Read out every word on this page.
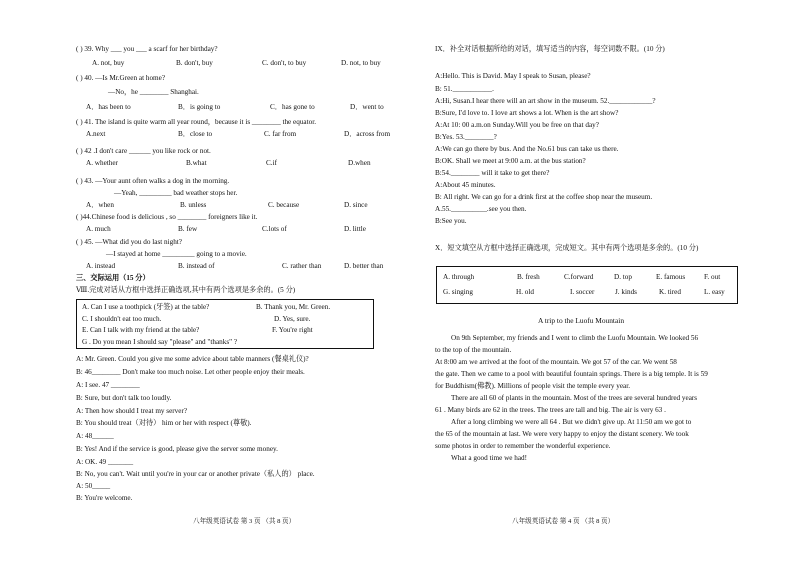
( ) 39. Why ___ you ___ a scarf for her birthday?
A. not, buy	B. don't, buy	C. don't, to buy	D. not, to buy
( ) 40. —Is Mr.Green at home?
—No，he ________ Shanghai.
A．has been to	B．is going to	C．has gone to	D．went to
( ) 41. The island is quite warm all year round，because it is ________ the equator.
A.next	B．close to	C. far from	D．across from
( ) 42 .I don't care ______ you like rock or not.
A. whether	B.what	C.if	D.when
( ) 43. —Your aunt often walks a dog in the morning.
—Yeah, _________ bad weather stops her.
A．when	B. unless	C. because	D. since
( )44.Chinese food is delicious , so ________ foreigners like it.
A. much	B. few	C.lots of	D. little
( ) 45. —What did you do last night?
—I stayed at home _________ going to a movie.
A. instead	B. instead of	C. rather than	D. better than
三、交际运用（15 分）
Ⅷ.完成对话从方框中选择正确选项,其中有两个选项是多余的。(5 分)
A. Can I use a toothpick (牙签) at the table?	B. Thank you, Mr. Green.
C. I shouldn't eat too much.	D. Yes, sure.
E. Can I talk with my friend at the table?	F. You're right
G . Do you mean I should say "please" and "thanks" ?
A: Mr. Green. Could you give me some advice about table manners (餐桌礼仪)?
B: 46________ Don't make too much noise. Let other people enjoy their meals.
A: I see. 47 ________
B: Sure, but don't talk too loudly.
A: Then how should I treat my server?
B: You should treat（对待） him or her with respect (尊敬).
A: 48______
B: Yes! And if the service is good, please give the server some money.
A: OK. 49 _______
B: No, you can't. Wait until you're in your car or another private（私人的） place.
A: 50_____
B: You're welcome.
八年级英语试卷 第 3 页 （共 8 页）
IX．补全对话根据所给的对话，填写适当的内容，每空词数不限。(10 分)
A:Hello. This is David. May I speak to Susan, please?
B: 51.___________.
A:Hi, Susan.I hear there will an art show in the museum. 52.____________?
B:Sure, I'd love to. I love art shows a lot. When is the art show?
A:At 10: 00 a.m.on Sunday.Will you be free on that day?
B:Yes. 53.________?
A:We can go there by bus. And the No.61 bus can take us there.
B:OK. Shall we meet at 9:00 a.m. at the bus station?
B:54.________ will it take to get there?
A:About 45 minutes.
B: All right. We can go for a drink first at the coffee shop near the museum.
A.55.__________.see you then.
B:See you.
X．短文填空从方框中选择正确选项，完成短文。其中有两个选项是多余的。(10 分)
A. through	B. fresh	C.forward	D. top	E. famous	F. out
G. singing	H. old	I. soccer	J. kinds	K. tired	L. easy
A trip to the Luofu Mountain
On 9th September, my friends and I went to climb the Luofu Mountain. We looked 56
to the top of the mountain.
At 8:00 am we arrived at the foot of the mountain. We got 57 of the car. We went 58
the gate. Then we came to a pool with beautiful fountain springs. There is a big temple. It is 59
for Buddhism(佛教). Millions of people visit the temple every year.
There are all 60 of plants in the mountain. Most of the trees are several hundred years
61 . Many birds are 62 in the trees. The trees are tall and big. The air is very 63 .
After a long climbing we were all 64 . But we didn't give up. At 11:50 am we got to
the 65 of the mountain at last. We were very happy to enjoy the distant scenery. We took
some photos in order to remember the wonderful experience.
What a good time we had!
八年级英语试卷 第 4 页 （共 8 页）
